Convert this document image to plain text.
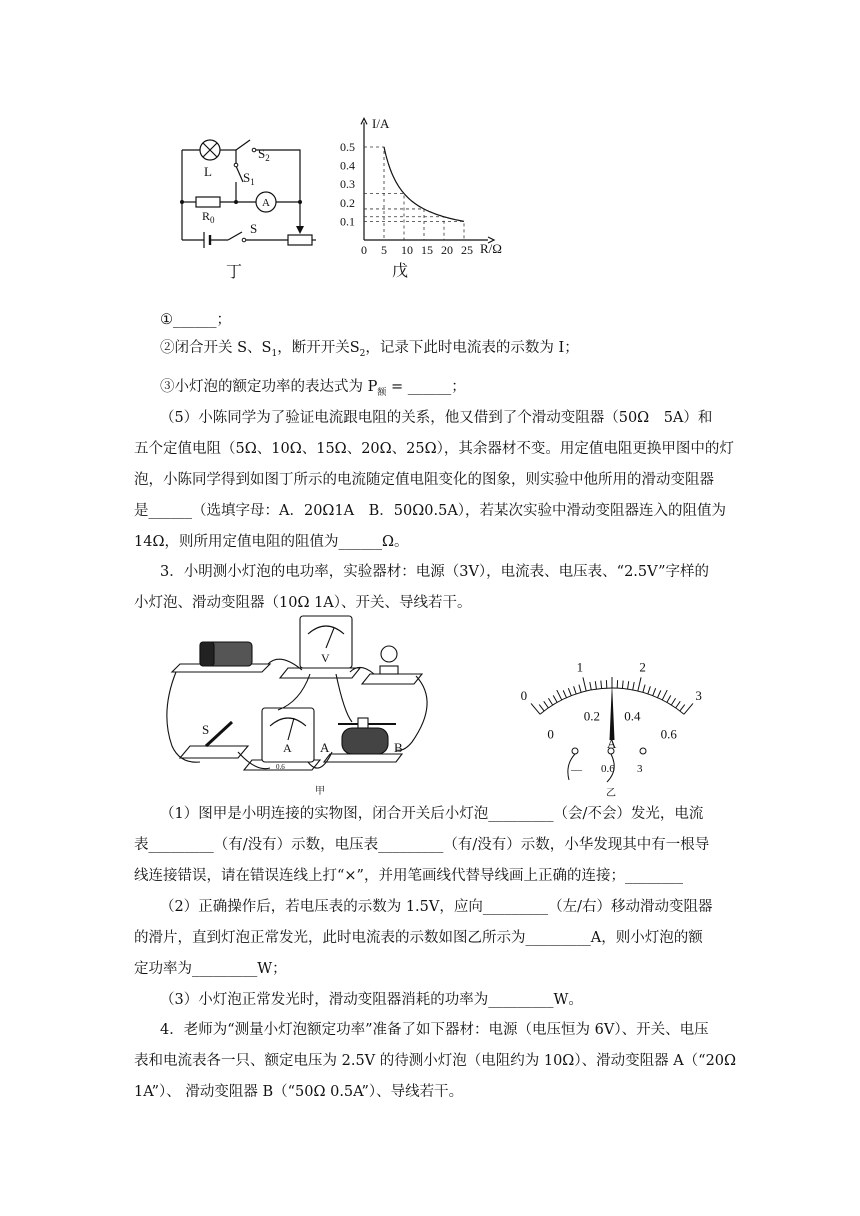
L
$S_2$
$S_1$
A
$R_0$
S
丁
0 5 10 15 20 25
0.1
0.2
0.3
0.4
0.5
I/A
R/Ω
戊
①______；
②闭合开关 S、$S_1$，断开开关$S_2$，记录下此时电流表的示数为 I；
③小灯泡的额定功率的表达式为 $P_额$ = ______；
（5）小陈同学为了验证电流跟电阻的关系，他又借到了个滑动变阻器（50Ω　5A）和
五个定值电阻（5Ω、10Ω、15Ω、20Ω、25Ω），其余器材不变。用定值电阻更换甲图中的灯
泡，小陈同学得到如图丁所示的电流随定值电阻变化的图象，则实验中他所用的滑动变阻器
是______（选填字母：A．20Ω1A　B．50Ω0.5A），若某次实验中滑动变阻器连入的阻值为
14Ω，则所用定值电阻的阻值为______Ω。
3．小明测小灯泡的电功率，实验器材：电源（3V），电流表、电压表、“2.5V”字样的
小灯泡、滑动变阻器（10Ω 1A）、开关、导线若干。
V
A
0.6
S
A	B
甲
0
1	2
3
0
0.2 0.4
0.6
A
— 0.6 3
乙
（1）图甲是小明连接的实物图，闭合开关后小灯泡_________（会/不会）发光，电流
表_________（有/没有）示数，电压表_________（有/没有）示数，小华发现其中有一根导
线连接错误，请在错误连线上打“×”，并用笔画线代替导线画上正确的连接；________
（2）正确操作后，若电压表的示数为 1.5V，应向_________（左/右）移动滑动变阻器
的滑片，直到灯泡正常发光，此时电流表的示数如图乙所示为_________A，则小灯泡的额
定功率为_________W；
（3）小灯泡正常发光时，滑动变阻器消耗的功率为_________W。
4．老师为“测量小灯泡额定功率”准备了如下器材：电源（电压恒为 6V）、开关、电压
表和电流表各一只、额定电压为 2.5V 的待测小灯泡（电阻约为 10Ω）、滑动变阻器 A（“20Ω
1A”）、 滑动变阻器 B（“50Ω 0.5A”）、导线若干。
